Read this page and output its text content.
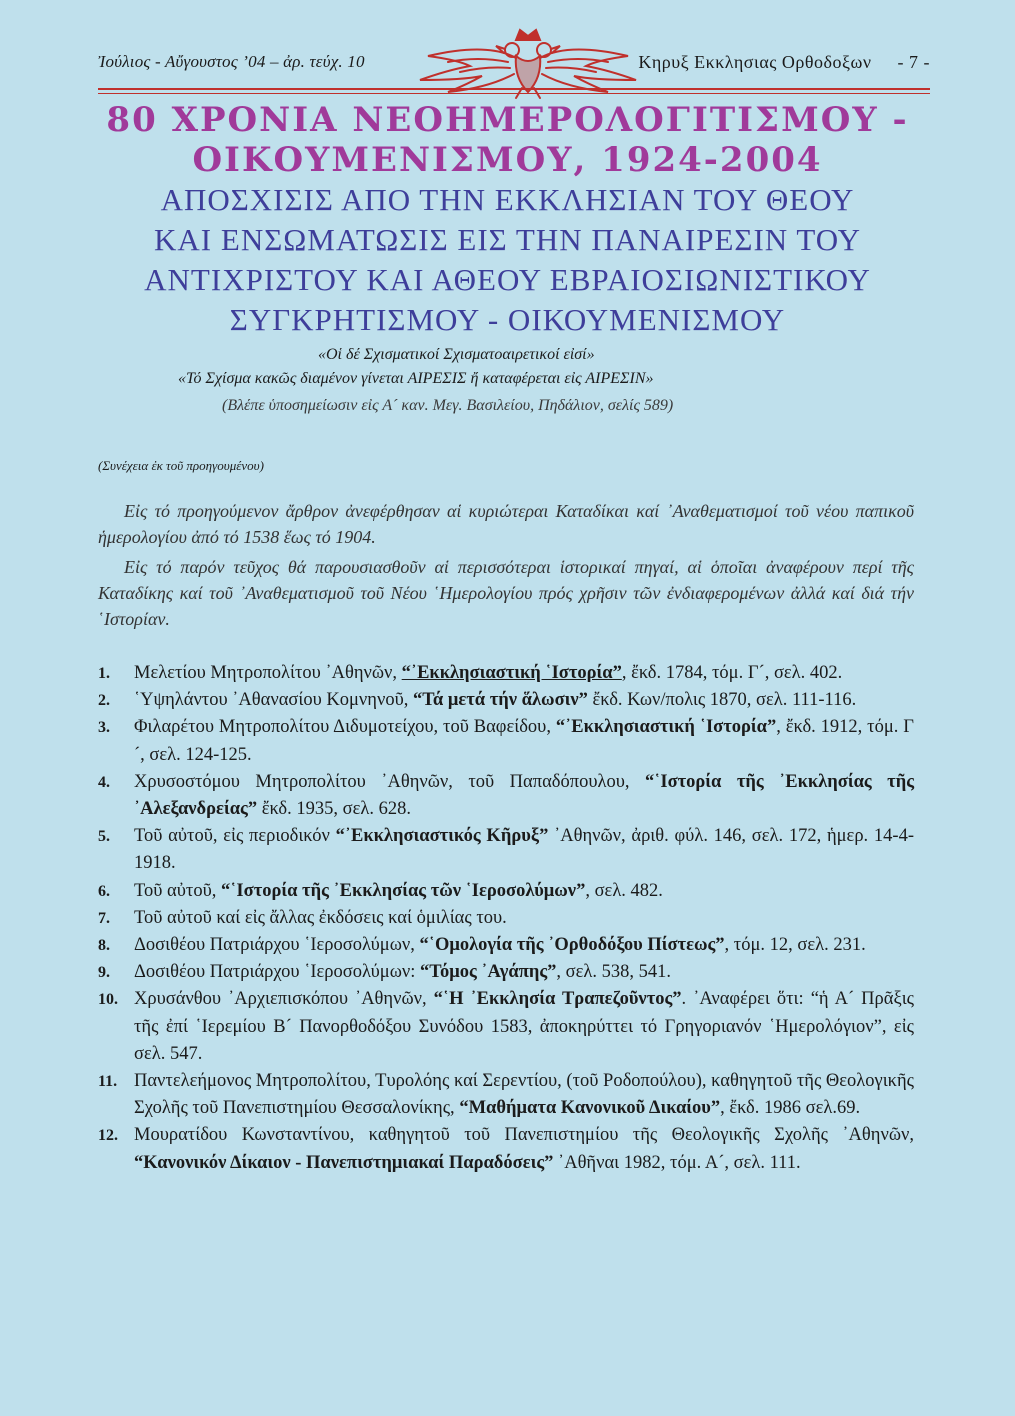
Ἰούλιος - Αὔγουστος ’04 – ἀρ. τεύχ. 10	Κηρυξ Εκκλησιας Ορθοδοξων - 7 -
80 ΧΡΟΝΙΑ ΝΕΟΗΜΕΡΟΛΟΓΙΤΙΣΜΟΥ -
ΟΙΚΟΥΜΕΝΙΣΜΟΥ, 1924-2004
ΑΠΟΣΧΙΣΙΣ ΑΠΟ ΤΗΝ ΕΚΚΛΗΣΙΑΝ ΤΟΥ ΘΕΟΥ
ΚΑΙ ΕΝΣΩΜΑΤΩΣΙΣ ΕΙΣ ΤΗΝ ΠΑΝΑΙΡΕΣΙΝ ΤΟΥ
ΑΝΤΙΧΡΙΣΤΟΥ ΚΑΙ ΑΘΕΟΥ ΕΒΡΑΙΟΣΙΩΝΙΣΤΙΚΟΥ
ΣΥΓΚΡΗΤΙΣΜΟΥ - ΟΙΚΟΥΜΕΝΙΣΜΟΥ
«Οἱ δέ Σχισματικοί Σχισματοαιρετικοί εἰσί»
«Τό Σχίσμα κακῶς διαμένον γίνεται ΑΙΡΕΣΙΣ ἤ καταφέρεται εἰς ΑΙΡΕΣΙΝ»
(Βλέπε ὑποσημείωσιν εἰς Α´ καν. Μεγ. Βασιλείου, Πηδάλιον, σελίς 589)
(Συνέχεια ἐκ τοῦ προηγουμένου)

Εἰς τό προηγούμενον ἄρθρον ἀνεφέρθησαν αἱ κυριώτεραι Καταδίκαι καί ᾿Αναθεματισμοί τοῦ νέου παπικοῦ ἡμερολογίου ἀπό τό 1538 ἕως τό 1904.

Εἰς τό παρόν τεῦχος θά παρουσιασθοῦν αἱ περισσότεραι ἱστορικαί πηγαί, αἱ ὁποῖαι ἀναφέρουν περί τῆς Καταδίκης καί τοῦ ᾿Αναθεματισμοῦ τοῦ Νέου ῾Ημερολογίου πρός χρῆσιν τῶν ἐνδιαφερομένων ἀλλά καί διά τήν ῾Ιστορίαν.

1. Μελετίου Μητροπολίτου ᾿Αθηνῶν, “᾿Εκκλησιαστική ῾Ιστορία”, ἔκδ. 1784, τόμ. Γ´, σελ. 402.
2. ῾Υψηλάντου ᾿Αθανασίου Κομνηνοῦ, “Τά μετά τήν ἅλωσιν” ἔκδ. Κων/πολις 1870, σελ. 111-116.
3. Φιλαρέτου Μητροπολίτου Διδυμοτείχου, τοῦ Βαφείδου, “᾿Εκκλησιαστική ῾Ιστορία”, ἔκδ. 1912, τόμ. Γ´, σελ. 124-125.
4. Χρυσοστόμου Μητροπολίτου ᾿Αθηνῶν, τοῦ Παπαδόπουλου, “῾Ιστορία τῆς ᾿Εκκλησίας τῆς ᾿Αλεξανδρείας” ἔκδ. 1935, σελ. 628.
5. Τοῦ αὐτοῦ, εἰς περιοδικόν “᾿Εκκλησιαστικός Κῆρυξ” ᾿Αθηνῶν, ἀριθ. φύλ. 146, σελ. 172, ἡμερ. 14-4-1918.
6. Τοῦ αὐτοῦ, “῾Ιστορία τῆς ᾿Εκκλησίας τῶν ῾Ιεροσολύμων”, σελ. 482.
7. Τοῦ αὐτοῦ καί εἰς ἄλλας ἐκδόσεις καί ὁμιλίας του.
8. Δοσιθέου Πατριάρχου ῾Ιεροσολύμων, “῾Ομολογία τῆς ᾿Ορθοδόξου Πίστεως”, τόμ. 12, σελ. 231.
9. Δοσιθέου Πατριάρχου ῾Ιεροσολύμων: “Τόμος ᾿Αγάπης”, σελ. 538, 541.
10. Χρυσάνθου ᾿Αρχιεπισκόπου ᾿Αθηνῶν, “῾Η ᾿Εκκλησία Τραπεζοῦντος”. ᾿Αναφέρει ὅτι: “ἡ Α´ Πρᾶξις τῆς ἐπί ῾Ιερεμίου Β´ Πανορθοδόξου Συνόδου 1583, ἀποκηρύττει τό Γρηγοριανόν ῾Ημερολόγιον”, εἰς σελ. 547.
11. Παντελεήμονος Μητροπολίτου, Τυρολόης καί Σερεντίου, (τοῦ Ροδοπούλου), καθηγητοῦ τῆς Θεολογικῆς Σχολῆς τοῦ Πανεπιστημίου Θεσσαλονίκης, “Μαθήματα Κανονικοῦ Δικαίου”, ἔκδ. 1986 σελ.69.
12. Μουρατίδου Κωνσταντίνου, καθηγητοῦ τοῦ Πανεπιστημίου τῆς Θεολογικῆς Σχολῆς ᾿Αθηνῶν, “Κανονικόν Δίκαιον - Πανεπιστημιακαί Παραδόσεις” ᾿Αθῆναι 1982, τόμ. Α´, σελ. 111.
